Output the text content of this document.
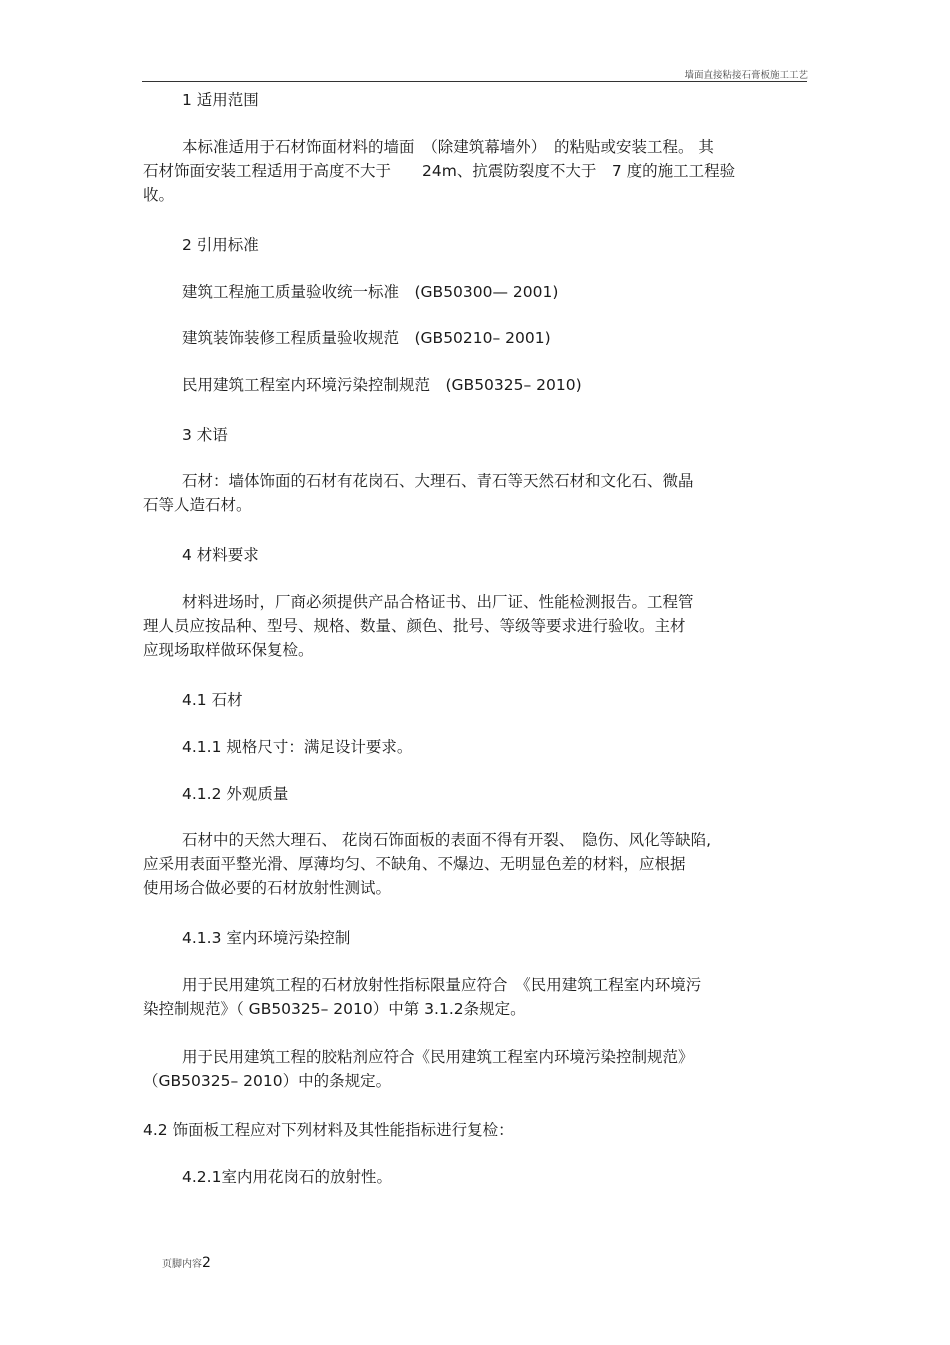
墙面直接粘接石膏板施工工艺
1 适用范围
本标准适用于石材饰面材料的墙面　（除建筑幕墙外）　的粘贴或安装工程。 其
石材饰面安装工程适用于高度不大于　　24m、抗震防裂度不大于　7 度的施工工程验
收。
2 引用标准
建筑工程施工质量验收统一标准　(GB50300— 2001)
建筑装饰装修工程质量验收规范　(GB50210– 2001)
民用建筑工程室内环境污染控制规范　(GB50325– 2010)
3 术语
石材：墙体饰面的石材有花岗石、大理石、青石等天然石材和文化石、微晶
石等人造石材。
4 材料要求
材料进场时，厂商必须提供产品合格证书、出厂证、性能检测报告。工程管
理人员应按品种、型号、规格、数量、颜色、批号、等级等要求进行验收。主材
应现场取样做环保复检。
4.1 石材
4.1.1 规格尺寸：满足设计要求。
4.1.2 外观质量
石材中的天然大理石、 花岗石饰面板的表面不得有开裂、　隐伤、风化等缺陷,
应采用表面平整光滑、厚薄均匀、不缺角、不爆边、无明显色差的材料，应根据
使用场合做必要的石材放射性测试。
4.1.3 室内环境污染控制
用于民用建筑工程的石材放射性指标限量应符合　《民用建筑工程室内环境污
染控制规范》（ GB50325– 2010）中第 3.1.2条规定。
用于民用建筑工程的胶粘剂应符合《民用建筑工程室内环境污染控制规范》
（GB50325– 2010）中的条规定。
4.2 饰面板工程应对下列材料及其性能指标进行复检：
4.2.1室内用花岗石的放射性。
页脚内容2
